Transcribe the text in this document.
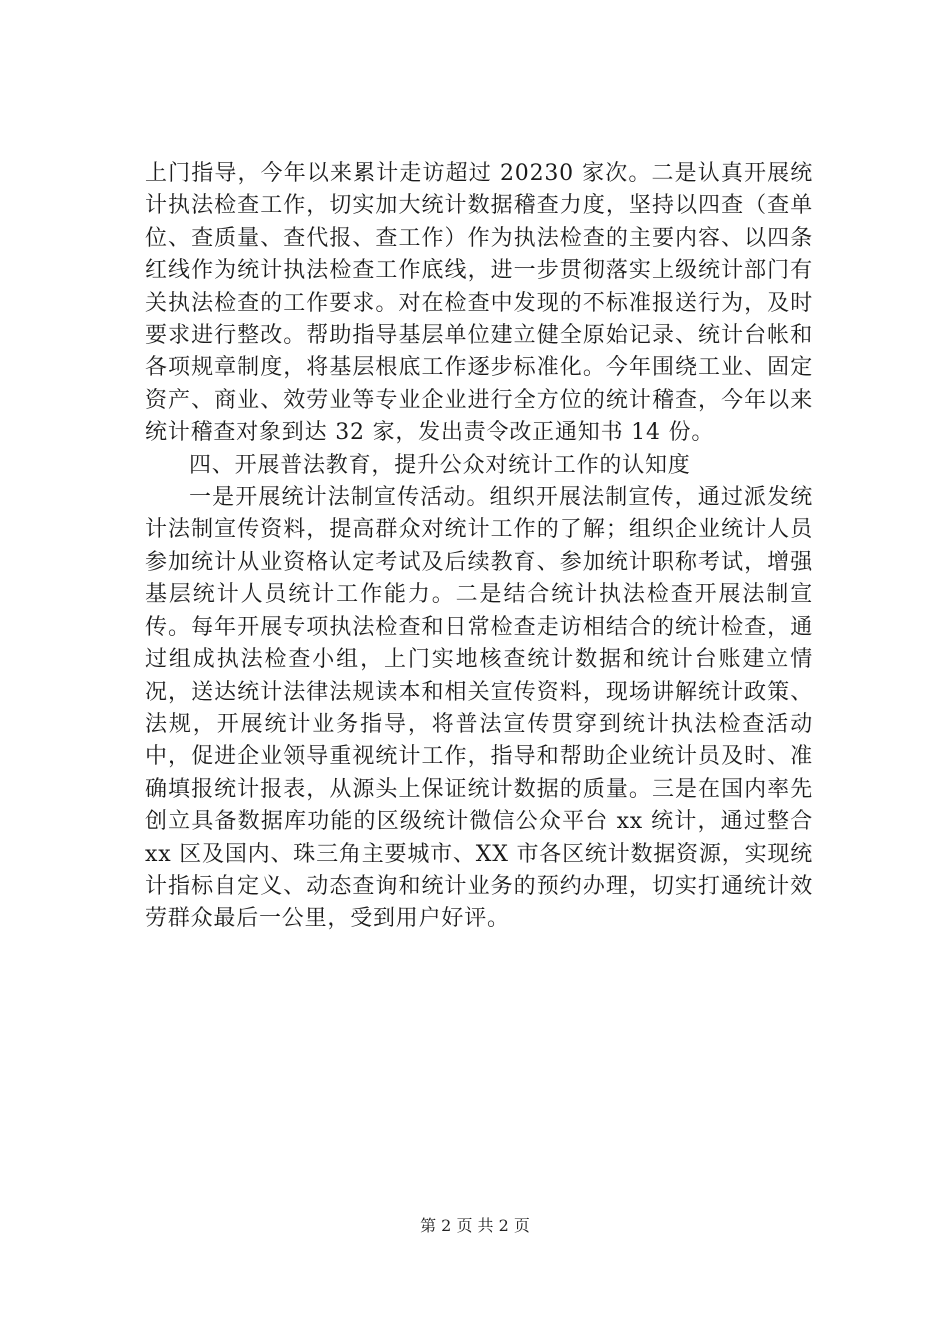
上门指导，今年以来累计走访超过 20230 家次。二是认真开展统计执法检查工作，切实加大统计数据稽查力度，坚持以四查（查单位、查质量、查代报、查工作）作为执法检查的主要内容、以四条红线作为统计执法检查工作底线，进一步贯彻落实上级统计部门有关执法检查的工作要求。对在检查中发现的不标准报送行为，及时要求进行整改。帮助指导基层单位建立健全原始记录、统计台帐和各项规章制度，将基层根底工作逐步标准化。今年围绕工业、固定资产、商业、效劳业等专业企业进行全方位的统计稽查，今年以来统计稽查对象到达 32 家，发出责令改正通知书 14 份。

四、开展普法教育，提升公众对统计工作的认知度

一是开展统计法制宣传活动。组织开展法制宣传，通过派发统计法制宣传资料，提高群众对统计工作的了解；组织企业统计人员参加统计从业资格认定考试及后续教育、参加统计职称考试，增强基层统计人员统计工作能力。二是结合统计执法检查开展法制宣传。每年开展专项执法检查和日常检查走访相结合的统计检查，通过组成执法检查小组，上门实地核查统计数据和统计台账建立情况，送达统计法律法规读本和相关宣传资料，现场讲解统计政策、法规，开展统计业务指导，将普法宣传贯穿到统计执法检查活动中，促进企业领导重视统计工作，指导和帮助企业统计员及时、准确填报统计报表，从源头上保证统计数据的质量。三是在国内率先创立具备数据库功能的区级统计微信公众平台 xx 统计，通过整合 xx 区及国内、珠三角主要城市、XX 市各区统计数据资源，实现统计指标自定义、动态查询和统计业务的预约办理，切实打通统计效劳群众最后一公里，受到用户好评。

第 2 页 共 2 页
